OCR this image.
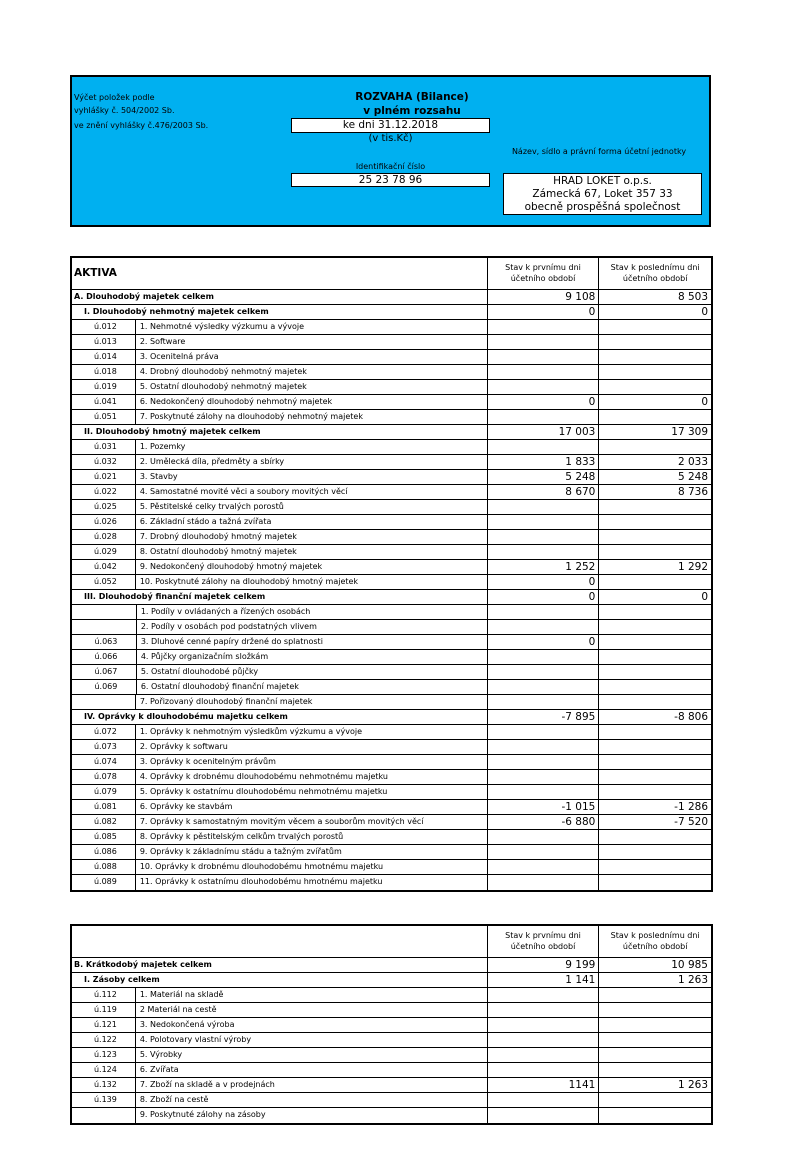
Výčet položek podle
vyhlášky č. 504/2002 Sb.
ve znění vyhlášky č.476/2003 Sb.
ROZVAHA (Bilance)
v plném rozsahu
ke dni 31.12.2018
(v tis.Kč)
Název, sídlo a právní forma účetní jednotky
Identifikační číslo
25 23 78 96	HRAD LOKET o.p.s.
Zámecká 67, Loket 357 33
obecně prospěšná společnost
AKTIVA	Stav k prvnímu dni
účetního období
Stav k poslednímu dni
účetního období
A. Dlouhodobý majetek celkem	9 108	8 503
I. Dlouhodobý nehmotný majetek celkem	0	0
ú.012	1. Nehmotné výsledky výzkumu a vývoje
ú.013	2. Software
ú.014	3. Ocenitelná práva
ú.018	4. Drobný dlouhodobý nehmotný majetek
ú.019	5. Ostatní dlouhodobý nehmotný majetek
ú.041	6. Nedokončený dlouhodobý nehmotný majetek	0	0
ú.051	7. Poskytnuté zálohy na dlouhodobý nehmotný majetek
II. Dlouhodobý hmotný majetek celkem	17 003	17 309
ú.031	1. Pozemky
ú.032	2. Umělecká díla, předměty a sbírky	1 833	2 033
ú.021	3. Stavby	5 248	5 248
ú.022	4. Samostatné movité věci a soubory movitých věcí	8 670	8 736
ú.025	5. Pěstitelské celky trvalých porostů
ú.026	6. Základní stádo a tažná zvířata
ú.028	7. Drobný dlouhodobý hmotný majetek
ú.029	8. Ostatní dlouhodobý hmotný majetek
ú.042	9. Nedokončený dlouhodobý hmotný majetek	1 252	1 292
ú.052	10. Poskytnuté zálohy na dlouhodobý hmotný majetek	0
III. Dlouhodobý finanční majetek celkem	0	0
1. Podíly v ovládaných a řízených osobách
2. Podíly v osobách pod podstatných vlivem
ú.063	3. Dluhové cenné papíry držené do splatnosti	0
ú.066	4. Půjčky organizačním složkám
ú.067	5. Ostatní dlouhodobé půjčky
ú.069	6. Ostatní dlouhodobý finanční majetek
7. Pořizovaný dlouhodobý finanční majetek
IV. Oprávky k dlouhodobému majetku celkem	-7 895	-8 806
ú.072	1. Oprávky k nehmotným výsledkům výzkumu a vývoje
ú.073	2. Oprávky k softwaru
ú.074	3. Oprávky k ocenitelným právům
ú.078	4. Oprávky k drobnému dlouhodobému nehmotnému majetku
ú.079	5. Oprávky k ostatnímu dlouhodobému nehmotnému majetku
ú.081	6. Oprávky ke stavbám	-1 015	-1 286
ú.082	7. Oprávky k samostatným movitým věcem a souborům movitých věcí	-6 880	-7 520
ú.085	8. Oprávky k pěstitelským celkům trvalých porostů
ú.086	9. Oprávky k základnímu stádu a tažným zvířatům
ú.088	10. Oprávky k drobnému dlouhodobému hmotnému majetku
ú.089	11. Oprávky k ostatnímu dlouhodobému hmotnému majetku
Stav k prvnímu dni
účetního období
Stav k poslednímu dni
účetního období
B. Krátkodobý majetek celkem	9 199	10 985
I. Zásoby celkem	1 141	1 263
ú.112	1. Materiál na skladě
ú.119	2 Materiál na cestě
ú.121	3. Nedokončená výroba
ú.122	4. Polotovary vlastní výroby
ú.123	5. Výrobky
ú.124	6. Zvířata
ú.132	7. Zboží na skladě a v prodejnách	1141	1 263
ú.139	8. Zboží na cestě
9. Poskytnuté zálohy na zásoby
